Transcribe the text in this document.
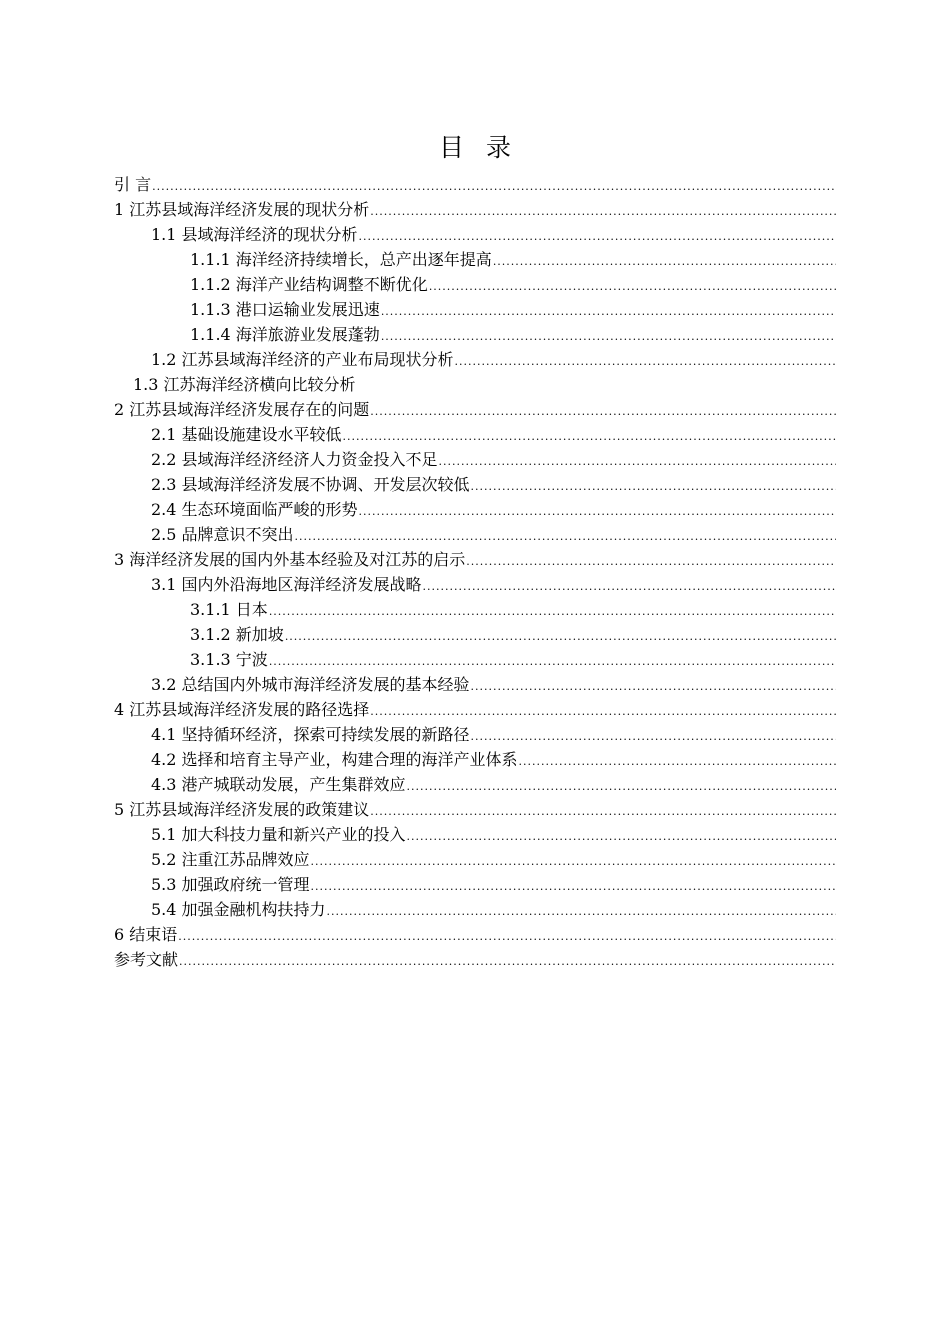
目录
引 言
.....
1 江苏县域海洋经济发展的现状分析
.....
1.1 县域海洋经济的现状分析
.....
1.1.1 海洋经济持续增长，总产出逐年提高
.....
1.1.2 海洋产业结构调整不断优化
.....
1.1.3 港口运输业发展迅速
.....
1.1.4 海洋旅游业发展蓬勃
.....
1.2 江苏县域海洋经济的产业布局现状分析
.....
1.3 江苏海洋经济横向比较分析
2 江苏县域海洋经济发展存在的问题
.....
2.1 基础设施建设水平较低
.....
2.2 县域海洋经济经济人力资金投入不足
.....
2.3 县域海洋经济发展不协调、开发层次较低
.....
2.4 生态环境面临严峻的形势
.....
2.5 品牌意识不突出
.....
3 海洋经济发展的国内外基本经验及对江苏的启示
.....
3.1 国内外沿海地区海洋经济发展战略
.....
3.1.1 日本
.....
3.1.2 新加坡
.....
3.1.3 宁波
.....
3.2 总结国内外城市海洋经济发展的基本经验
.....
4 江苏县域海洋经济发展的路径选择
.....
4.1 坚持循环经济，探索可持续发展的新路径
.....
4.2 选择和培育主导产业，构建合理的海洋产业体系
.....
4.3 港产城联动发展，产生集群效应
.....
5 江苏县域海洋经济发展的政策建议
.....
5.1 加大科技力量和新兴产业的投入
.....
5.2 注重江苏品牌效应
.....
5.3 加强政府统一管理
.....
5.4 加强金融机构扶持力
.....
6 结束语
.....
参考文献
.....
